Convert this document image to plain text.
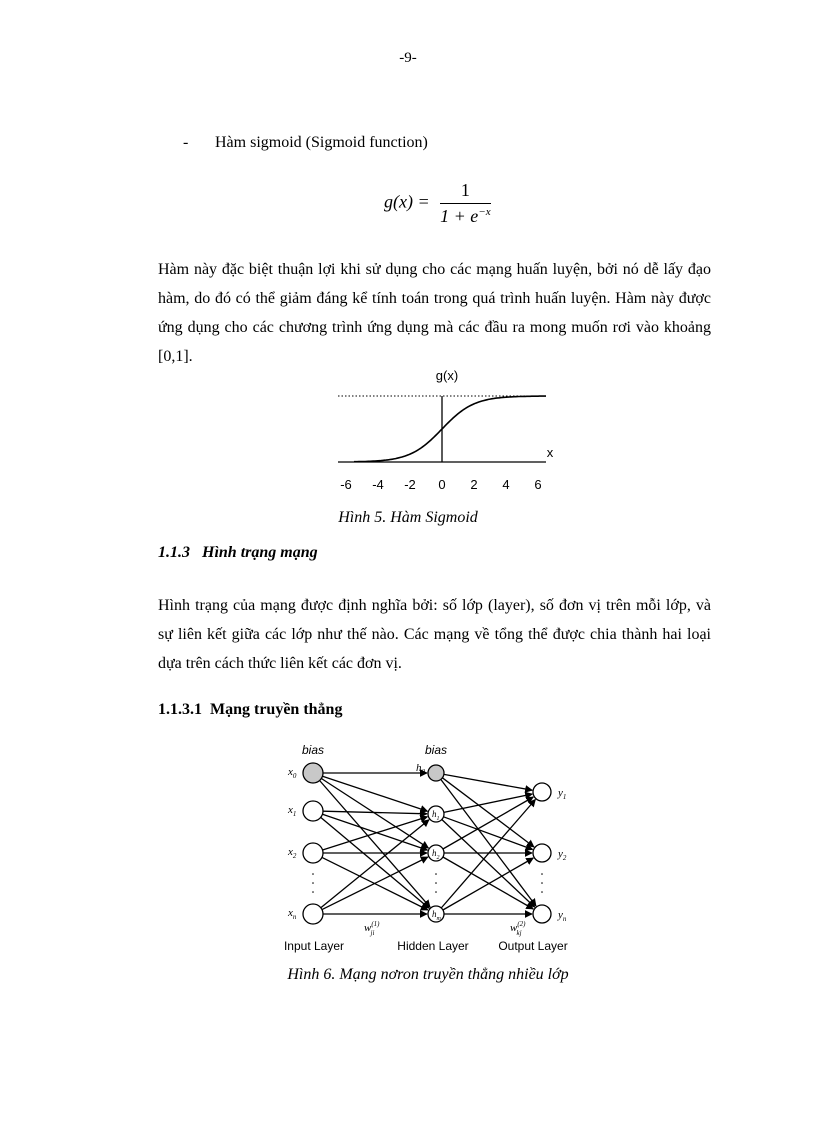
-9-
- Hàm sigmoid (Sigmoid function)
$g(x) = \frac{1}{1 + e^{-x}}$
Hàm này đặc biệt thuận lợi khi sử dụng cho các mạng huấn luyện, bởi nó dễ lấy đạo hàm, do đó có thể giảm đáng kể tính toán trong quá trình huấn luyện. Hàm này được ứng dụng cho các chương trình ứng dụng mà các đầu ra mong muốn rơi vào khoảng [0,1].
g(x)
x
-6 -4 -2 0 2 4 6
Hình 5. Hàm Sigmoid
1.1.3 Hình trạng mạng
Hình trạng của mạng được định nghĩa bởi: số lớp (layer), số đơn vị trên mỗi lớp, và sự liên kết giữa các lớp như thế nào. Các mạng về tổng thể được chia thành hai loại dựa trên cách thức liên kết các đơn vị.
1.1.3.1 Mạng truyền thẳng
$x_0$
$x_1$
$x_2$
$x_n$
$h_0$
$h_1$
$h_2$
$h_m$
$y_1$
$y_2$
$y_n$
bias	bias
$w^{(1)}$ ji	$w^{(2)}$ kj
Input Layer	Hidden Layer Output Layer
Hình 6. Mạng nơron truyền thẳng nhiều lớp
